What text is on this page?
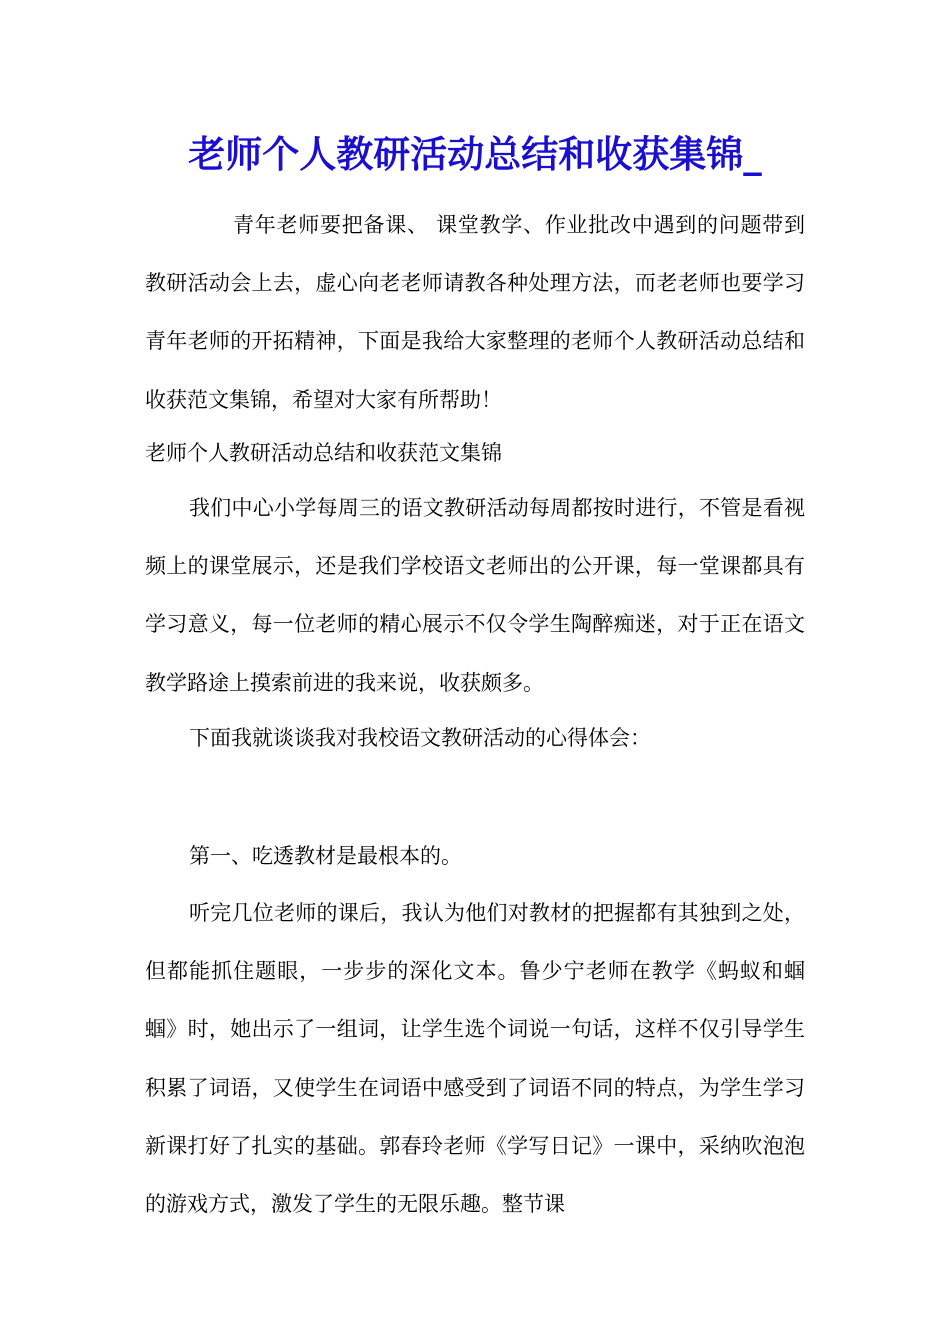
老师个人教研活动总结和收获集锦_

青年老师要把备课、 课堂教学、作业批改中遇到的问题带到教研活动会上去，虚心向老老师请教各种处理方法，而老老师也要学习青年老师的开拓精神，下面是我给大家整理的老师个人教研活动总结和收获范文集锦，希望对大家有所帮助！

老师个人教研活动总结和收获范文集锦

我们中心小学每周三的语文教研活动每周都按时进行，不管是看视频上的课堂展示，还是我们学校语文老师出的公开课，每一堂课都具有学习意义，每一位老师的精心展示不仅令学生陶醉痴迷，对于正在语文教学路途上摸索前进的我来说，收获颇多。

下面我就谈谈我对我校语文教研活动的心得体会：

第一、吃透教材是最根本的。

听完几位老师的课后，我认为他们对教材的把握都有其独到之处，但都能抓住题眼，一步步的深化文本。鲁少宁老师在教学《蚂蚁和蝈蝈》时，她出示了一组词，让学生选个词说一句话，这样不仅引导学生积累了词语，又使学生在词语中感受到了词语不同的特点，为学生学习新课打好了扎实的基础。郭春玲老师《学写日记》一课中，采纳吹泡泡的游戏方式，激发了学生的无限乐趣。整节课
